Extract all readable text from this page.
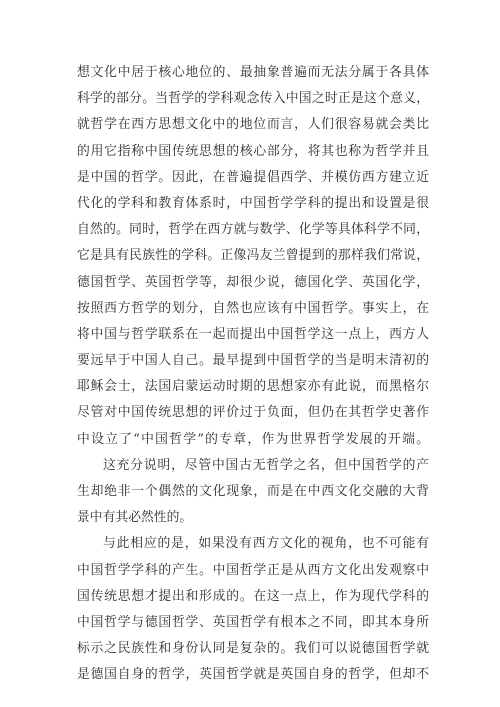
想文化中居于核心地位的、最抽象普遍而无法分属于各具体
科学的部分。当哲学的学科观念传入中国之时正是这个意义，
就哲学在西方思想文化中的地位而言，人们很容易就会类比
的用它指称中国传统思想的核心部分，将其也称为哲学并且
是中国的哲学。因此，在普遍提倡西学、并模仿西方建立近
代化的学科和教育体系时，中国哲学学科的提出和设置是很
自然的。同时，哲学在西方就与数学、化学等具体科学不同，
它是具有民族性的学科。正像冯友兰曾提到的那样我们常说，
德国哲学、英国哲学等，却很少说，德国化学、英国化学，
按照西方哲学的划分，自然也应该有中国哲学。事实上，在
将中国与哲学联系在一起而提出中国哲学这一点上，西方人
要远早于中国人自己。最早提到中国哲学的当是明末清初的
耶稣会士，法国启蒙运动时期的思想家亦有此说，而黑格尔
尽管对中国传统思想的评价过于负面，但仍在其哲学史著作
中设立了“中国哲学”的专章，作为世界哲学发展的开端。
这充分说明，尽管中国古无哲学之名，但中国哲学的产
生却绝非一个偶然的文化现象，而是在中西文化交融的大背
景中有其必然性的。
与此相应的是，如果没有西方文化的视角，也不可能有
中国哲学学科的产生。中国哲学正是从西方文化出发观察中
国传统思想才提出和形成的。在这一点上，作为现代学科的
中国哲学与德国哲学、英国哲学有根本之不同，即其本身所
标示之民族性和身份认同是复杂的。我们可以说德国哲学就
是德国自身的哲学，英国哲学就是英国自身的哲学，但却不
